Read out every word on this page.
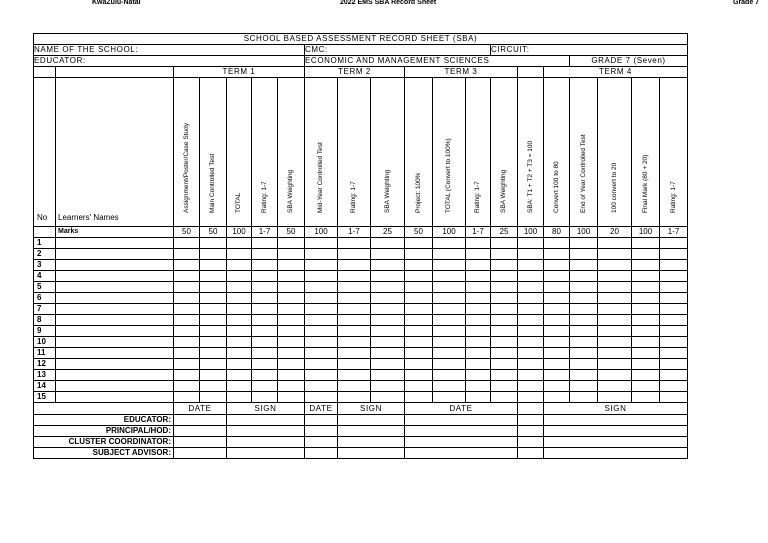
KwaZulu-Natal	2022 EMS SBA Record Sheet	Grade 7
SCHOOL BASED ASSESSMENT RECORD SHEET (SBA)																			
NAME OF THE SCHOOL:							CMC:						CIRCUIT:						
EDUCATOR:							ECONOMIC AND MANAGEMENT SCIENCES									GRADE 7 (Seven)			
		TERM 1					TERM 2			TERM 3					TERM 4				
No	Learners' Names	Assignment/Poster/Case Study	Main Controlled Test	TOTAL	Rating: 1-7	SBA Weighting	Mid-Year Controlled Test	Rating: 1-7	SBA Weighting	Project: 100%	TOTAL (Convert to 100%)	Rating: 1-7	SBA Weighting	SBA: T1 + T2 + T3 = 100	Convert 100 to 80	End of Year Controlled Test	100 convert to 20	Final Mark (80 + 20)	Rating: 1-7

	Marks	50	50	100	1-7	50	100	1-7	25	50	100	1-7	25	100	80	100	20	100	1-7
1																			
2																			
3																			
4																			
5																			
6																			
7																			
8																			
9																			
10																			
11																			
12																			
13																			
14																			
15																			
		DATE		SIGN			DATE	SIGN		DATE					SIGN				
EDUCATOR:																			
PRINCIPAL/HOD:																			
CLUSTER COORDINATOR:																			
SUBJECT ADVISOR:																			
